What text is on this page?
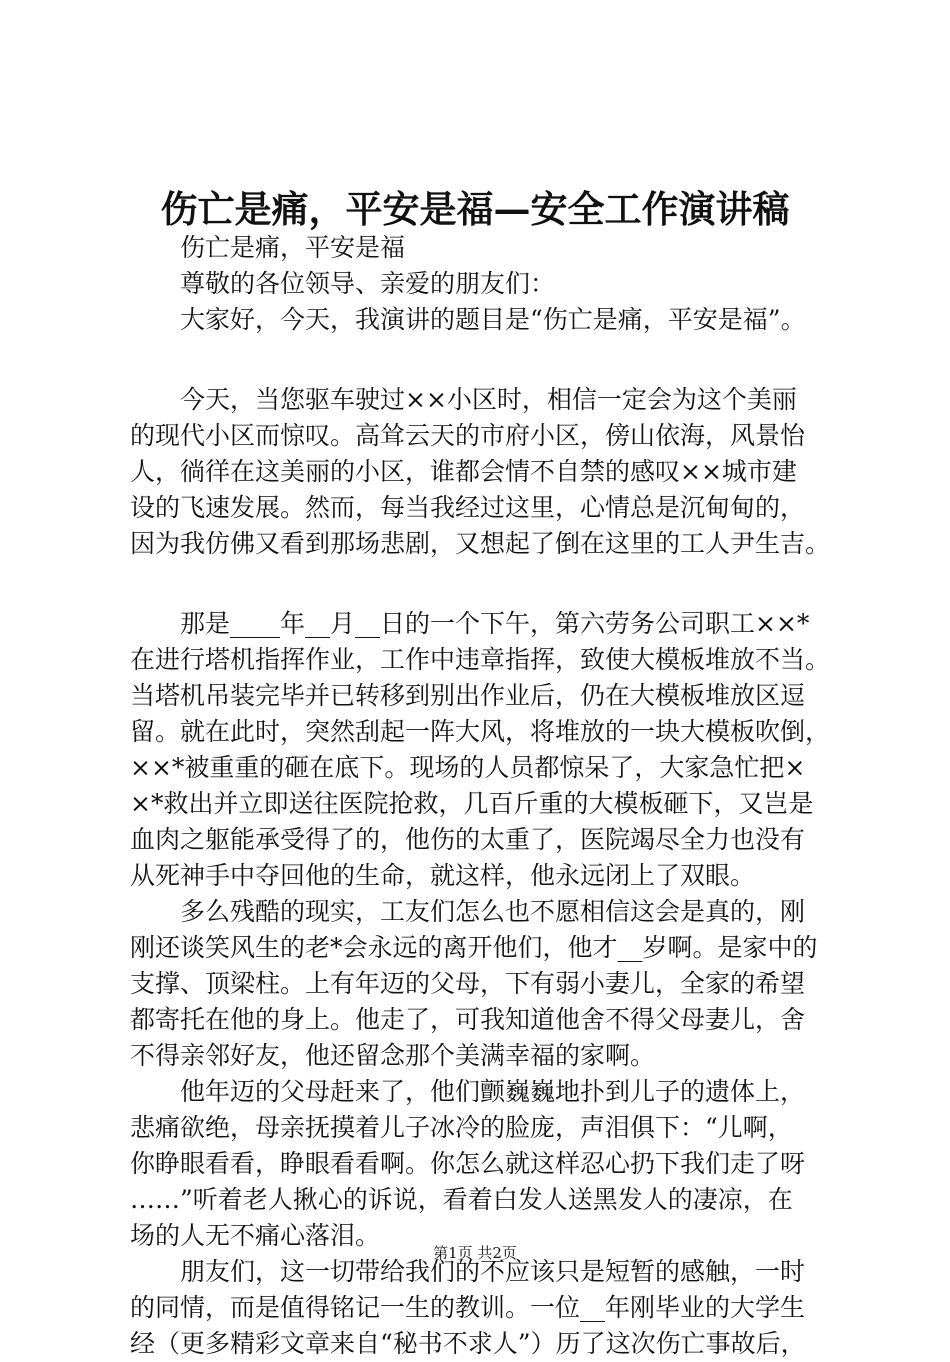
伤亡是痛，平安是福—安全工作演讲稿
伤亡是痛，平安是福
尊敬的各位领导、亲爱的朋友们：
大家好，今天，我演讲的题目是“伤亡是痛，平安是福”。
今天，当您驱车驶过××小区时，相信一定会为这个美丽
的现代小区而惊叹。高耸云天的市府小区，傍山依海，风景怡
人，徜徉在这美丽的小区，谁都会情不自禁的感叹××城市建
设的飞速发展。然而，每当我经过这里，心情总是沉甸甸的，
因为我仿佛又看到那场悲剧，又想起了倒在这里的工人尹生吉。
那是____年__月__日的一个下午，第六劳务公司职工××*
在进行塔机指挥作业，工作中违章指挥，致使大模板堆放不当。
当塔机吊装完毕并已转移到别出作业后，仍在大模板堆放区逗
留。就在此时，突然刮起一阵大风，将堆放的一块大模板吹倒，
××*被重重的砸在底下。现场的人员都惊呆了，大家急忙把×
×*救出并立即送往医院抢救，几百斤重的大模板砸下，又岂是
血肉之躯能承受得了的，他伤的太重了，医院竭尽全力也没有
从死神手中夺回他的生命，就这样，他永远闭上了双眼。
多么残酷的现实，工友们怎么也不愿相信这会是真的，刚
刚还谈笑风生的老*会永远的离开他们，他才__岁啊。是家中的
支撑、顶梁柱。上有年迈的父母，下有弱小妻儿，全家的希望
都寄托在他的身上。他走了，可我知道他舍不得父母妻儿，舍
不得亲邻好友，他还留念那个美满幸福的家啊。
他年迈的父母赶来了，他们颤巍巍地扑到儿子的遗体上，
悲痛欲绝，母亲抚摸着儿子冰冷的脸庞，声泪俱下：“儿啊，
你睁眼看看，睁眼看看啊。你怎么就这样忍心扔下我们走了呀
……”听着老人揪心的诉说，看着白发人送黑发人的凄凉，在
场的人无不痛心落泪。
朋友们，这一切带给我们的不应该只是短暂的感触，一时
的同情，而是值得铭记一生的教训。一位__年刚毕业的大学生
经（更多精彩文章来自“秘书不求人”）历了这次伤亡事故后，
第1页 共2页
